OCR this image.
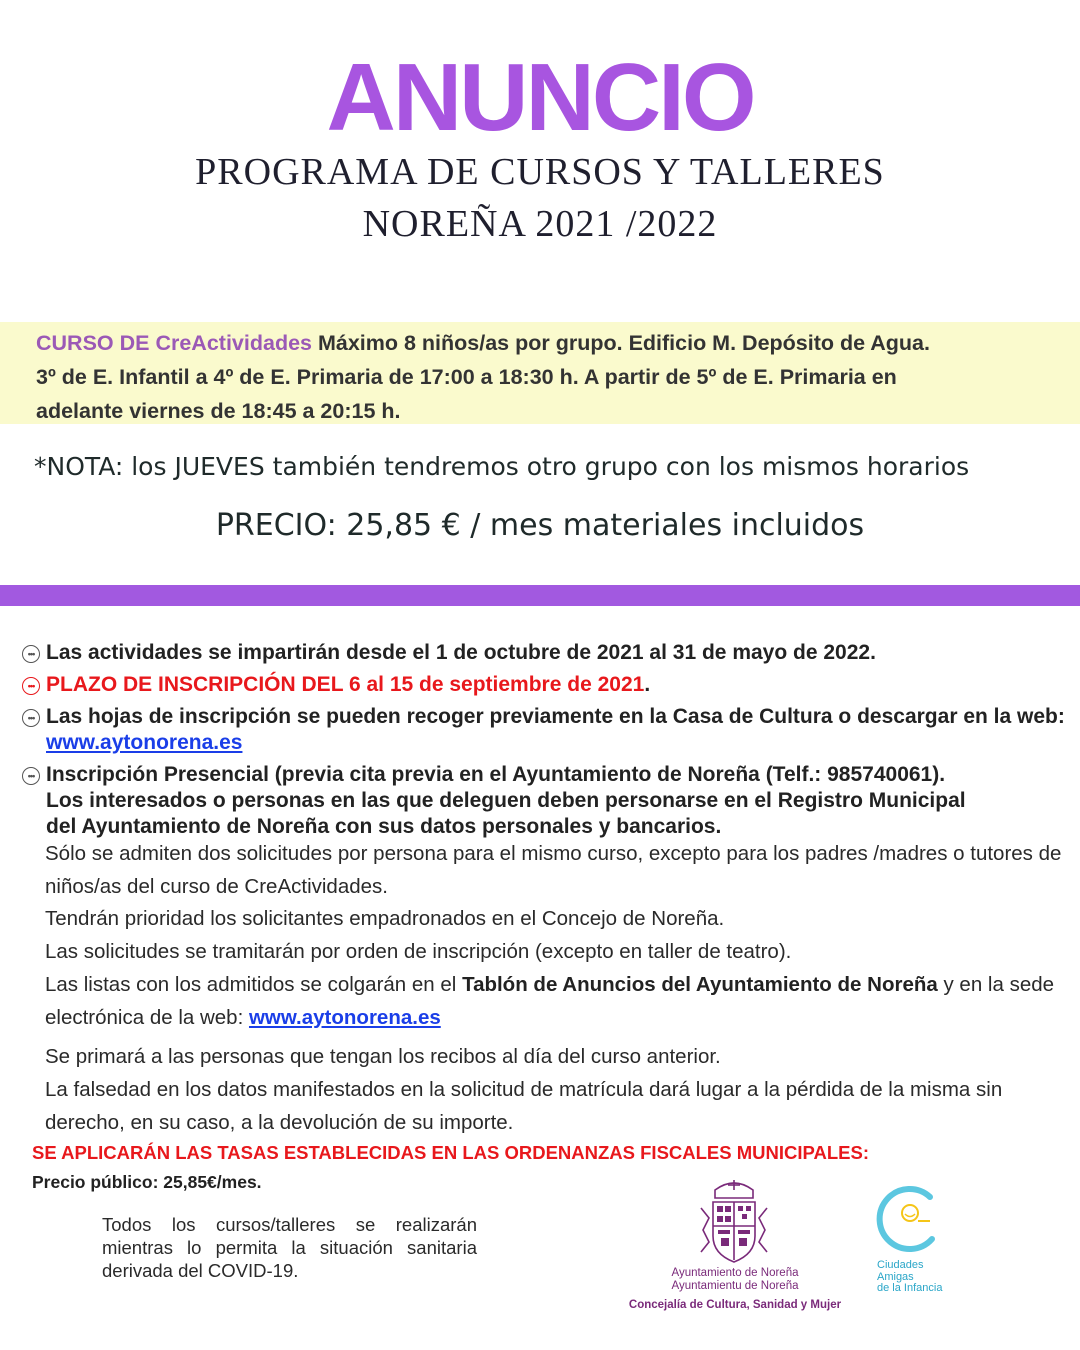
ANUNCIO
PROGRAMA DE CURSOS Y TALLERES
NOREÑA 2021 /2022
CURSO DE CreActividades Máximo 8 niños/as por grupo. Edificio M. Depósito de Agua.
3º de E. Infantil a 4º de E. Primaria de 17:00 a 18:30 h. A partir de 5º de E. Primaria en
adelante viernes de 18:45 a 20:15 h.
*NOTA: los JUEVES también tendremos otro grupo con los mismos horarios
PRECIO: 25,85 € / mes materiales incluidos
••• Las actividades se impartirán desde el 1 de octubre de 2021 al 31 de mayo de 2022.
••• PLAZO DE INSCRIPCIÓN DEL 6 al 15 de septiembre de 2021.
••• Las hojas de inscripción se pueden recoger previamente en la Casa de Cultura o descargar en la web: www.aytonorena.es
••• Inscripción Presencial (previa cita previa en el Ayuntamiento de Noreña (Telf.: 985740061).
Los interesados o personas en las que deleguen deben personarse en el Registro Municipal
del Ayuntamiento de Noreña con sus datos personales y bancarios.
Sólo se admiten dos solicitudes por persona para el mismo curso, excepto para los padres /madres o tutores de niños/as del curso de CreActividades.
Tendrán prioridad los solicitantes empadronados en el Concejo de Noreña.
Las solicitudes se tramitarán por orden de inscripción (excepto en taller de teatro).
Las listas con los admitidos se colgarán en el Tablón de Anuncios del Ayuntamiento de Noreña y en la sede electrónica de la web: www.aytonorena.es
Se primará a las personas que tengan los recibos al día del curso anterior.
La falsedad en los datos manifestados en la solicitud de matrícula dará lugar a la pérdida de la misma sin derecho, en su caso, a la devolución de su importe.
SE APLICARÁN LAS TASAS ESTABLECIDAS EN LAS ORDENANZAS FISCALES MUNICIPALES:
Precio público: 25,85€/mes.
Todos los cursos/talleres se realizarán mientras lo permita la situación sanitaria derivada del COVID-19.	Ayuntamiento de Noreña
Ayuntamientu de Noreña
Concejalía de Cultura, Sanidad y Mujer
Ciudades
Amigas
de la Infancia
